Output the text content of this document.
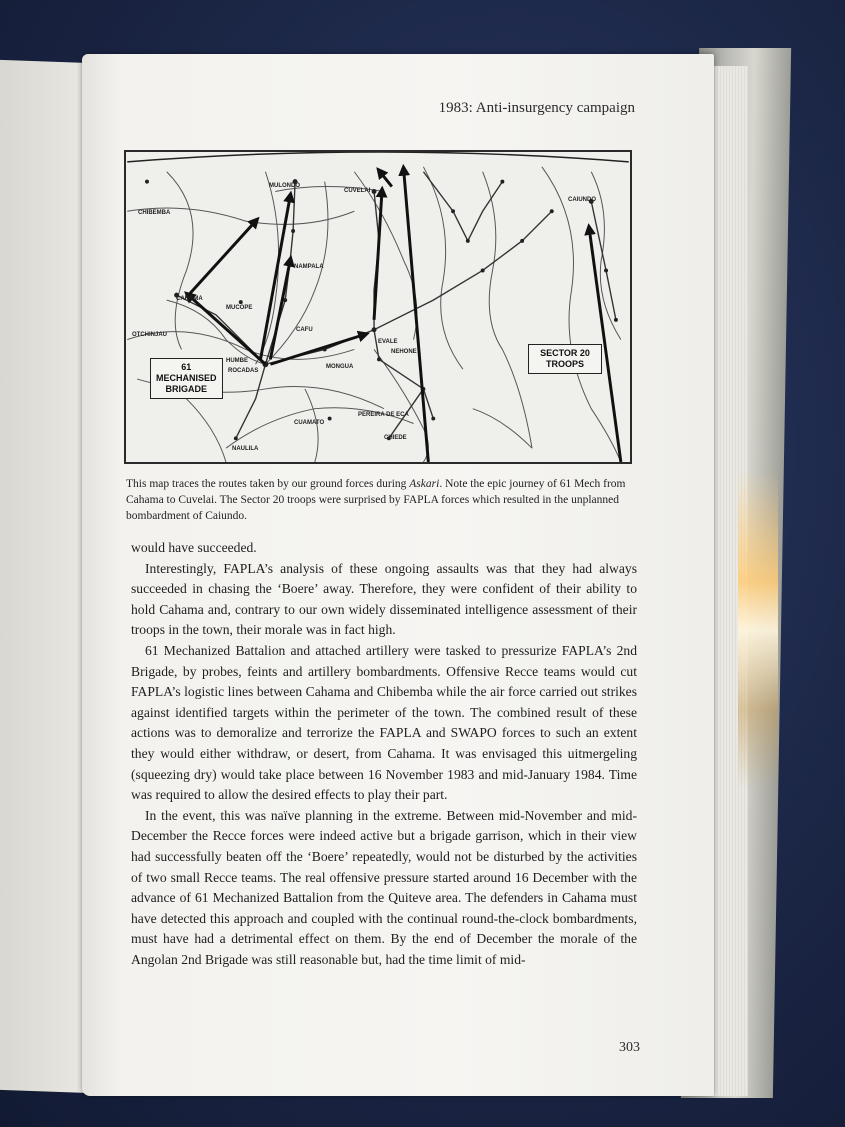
1983: Anti-insurgency campaign
CHIBEMBA
MULONDO
CUVELAI
CAIUNDO
NAMPALA
CAHAMA
MUCOPE
CAFU
OTCHINJAU
EVALE
NEHONE
HUMBE
ROCADAS
MONGUA
PEREIRA DE ECA
CUAMATO
CHIEDE
NAULILA
61
MECHANISED
BRIGADE
SECTOR 20
TROOPS
This map traces the routes taken by our ground forces during Askari. Note the epic journey of 61 Mech from Cahama to Cuvelai. The Sector 20 troops were surprised by FAPLA forces which resulted in the unplanned bombardment of Caiundo.

would have succeeded.

Interestingly, FAPLA’s analysis of these ongoing assaults was that they had always succeeded in chasing the ‘Boere’ away. Therefore, they were confident of their ability to hold Cahama and, contrary to our own widely disseminated intelligence assessment of their troops in the town, their morale was in fact high.

61 Mechanized Battalion and attached artillery were tasked to pressurize FAPLA’s 2nd Brigade, by probes, feints and artillery bombardments. Offensive Recce teams would cut FAPLA’s logistic lines between Cahama and Chibemba while the air force carried out strikes against identified targets within the perimeter of the town. The combined result of these actions was to demoralize and terrorize the FAPLA and SWAPO forces to such an extent they would either withdraw, or desert, from Cahama. It was envisaged this uitmergeling (squeezing dry) would take place between 16 November 1983 and mid-January 1984. Time was required to allow the desired effects to play their part.

In the event, this was naïve planning in the extreme. Between mid-November and mid-December the Recce forces were indeed active but a brigade garrison, which in their view had successfully beaten off the ‘Boere’ repeatedly, would not be disturbed by the activities of two small Recce teams. The real offensive pressure started around 16 December with the advance of 61 Mechanized Battalion from the Quiteve area. The defenders in Cahama must have detected this approach and coupled with the continual round-the-clock bombardments, must have had a detrimental effect on them. By the end of December the morale of the Angolan 2nd Brigade was still reasonable but, had the time limit of mid-

303
